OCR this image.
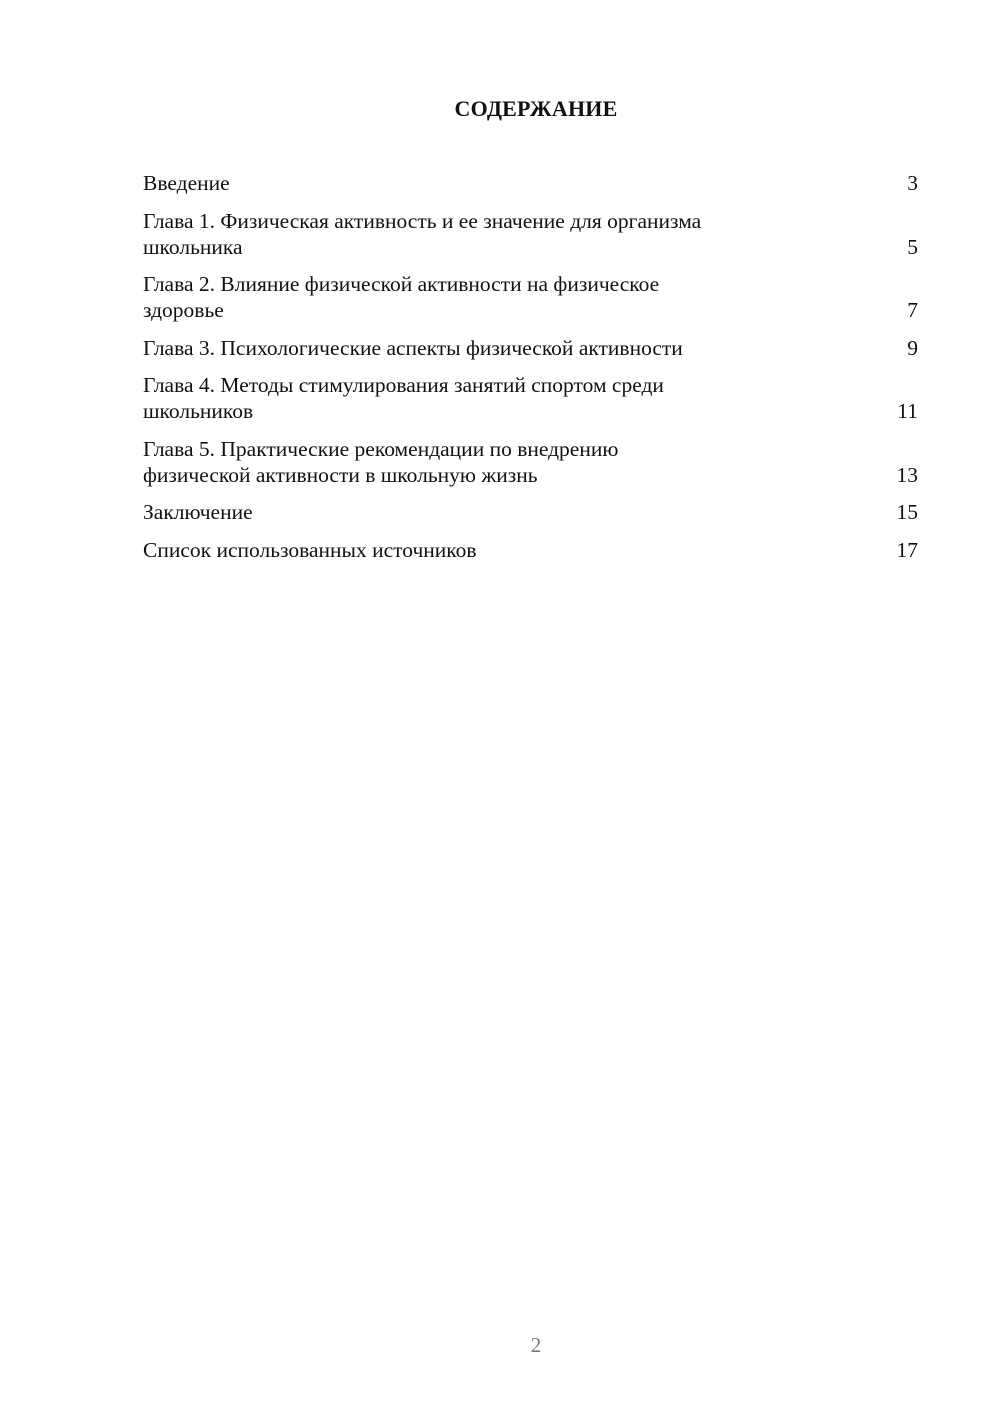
СОДЕРЖАНИЕ
Введение	3
Глава 1. Физическая активность и ее значение для организма
школьника	5
Глава 2. Влияние физической активности на физическое
здоровье	7
Глава 3. Психологические аспекты физической активности	9
Глава 4. Методы стимулирования занятий спортом среди
школьников	11
Глава 5. Практические рекомендации по внедрению
физической активности в школьную жизнь	13
Заключение	15
Список использованных источников	17
2
